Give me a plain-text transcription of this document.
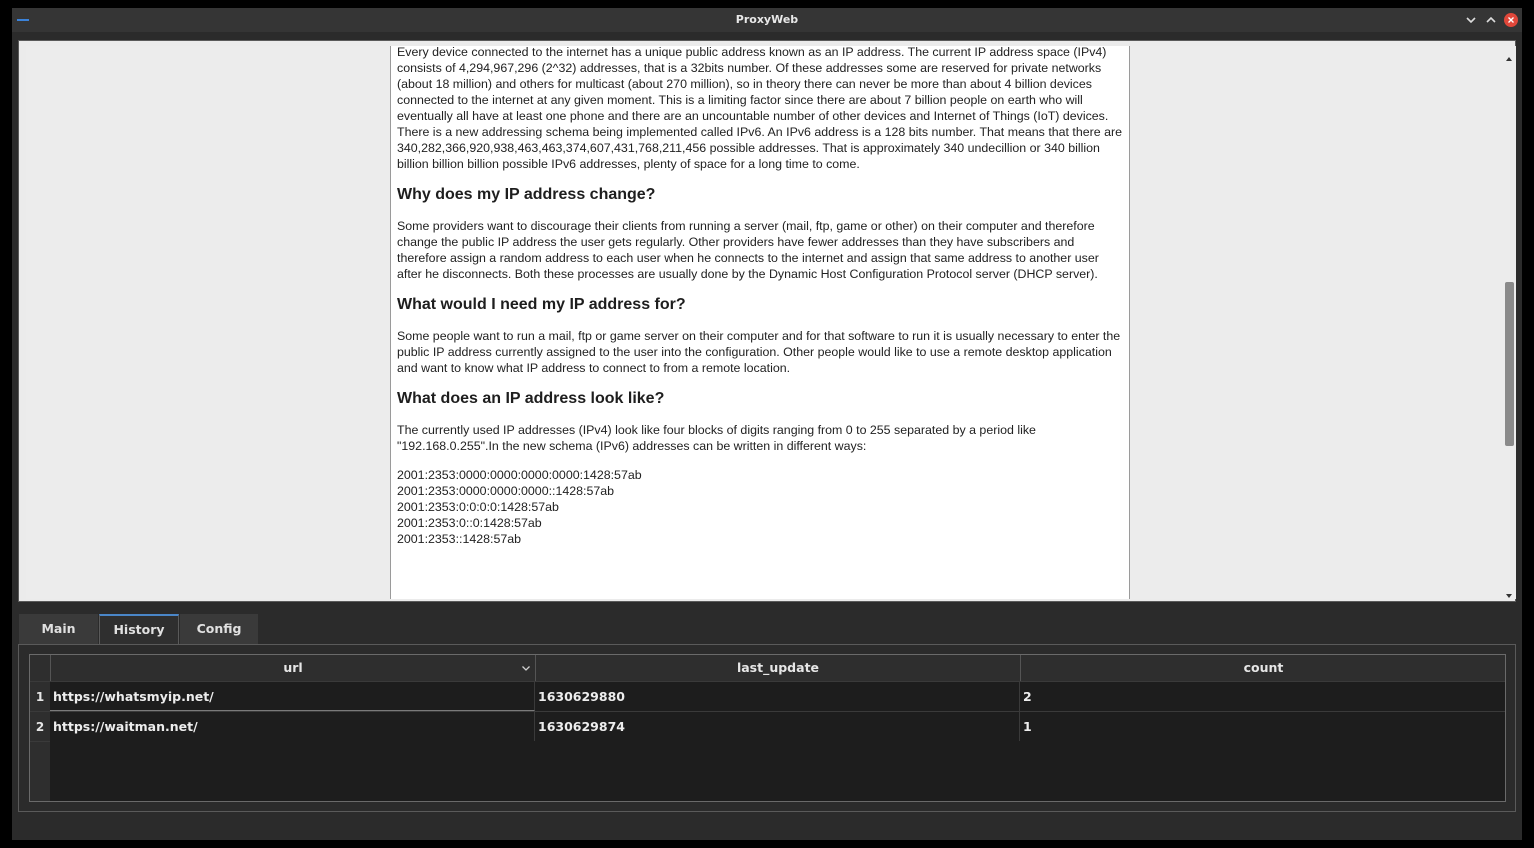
ProxyWeb

Every device connected to the internet has a unique public address known as an IP address. The current IP address space (IPv4) consists of 4,294,967,296 (2^32) addresses, that is a 32bits number. Of these addresses some are reserved for private networks (about 18 million) and others for multicast (about 270 million), so in theory there can never be more than about 4 billion devices connected to the internet at any given moment. This is a limiting factor since there are about 7 billion people on earth who will eventually all have at least one phone and there are an uncountable number of other devices and Internet of Things (IoT) devices. There is a new addressing schema being implemented called IPv6. An IPv6 address is a 128 bits number. That means that there are 340,282,366,920,938,463,463,374,607,431,768,211,456 possible addresses. That is approximately 340 undecillion or 340 billion billion billion billion possible IPv6 addresses, plenty of space for a long time to come.

Why does my IP address change?

Some providers want to discourage their clients from running a server (mail, ftp, game or other) on their computer and therefore change the public IP address the user gets regularly. Other providers have fewer addresses than they have subscribers and therefore assign a random address to each user when he connects to the internet and assign that same address to another user after he disconnects. Both these processes are usually done by the Dynamic Host Configuration Protocol server (DHCP server).

What would I need my IP address for?

Some people want to run a mail, ftp or game server on their computer and for that software to run it is usually necessary to enter the public IP address currently assigned to the user into the configuration. Other people would like to use a remote desktop application and want to know what IP address to connect to from a remote location.

What does an IP address look like?

The currently used IP addresses (IPv4) look like four blocks of digits ranging from 0 to 255 separated by a period like "192.168.0.255".In the new schema (IPv6) addresses can be written in different ways:

2001:2353:0000:0000:0000:0000:1428:57ab
2001:2353:0000:0000:0000::1428:57ab
2001:2353:0:0:0:0:1428:57ab
2001:2353:0::0:1428:57ab
2001:2353::1428:57ab
Main	History	Config
url	last_update	count
1 https://whatsmyip.net/	1630629880	2
2 https://waitman.net/	1630629874	1
